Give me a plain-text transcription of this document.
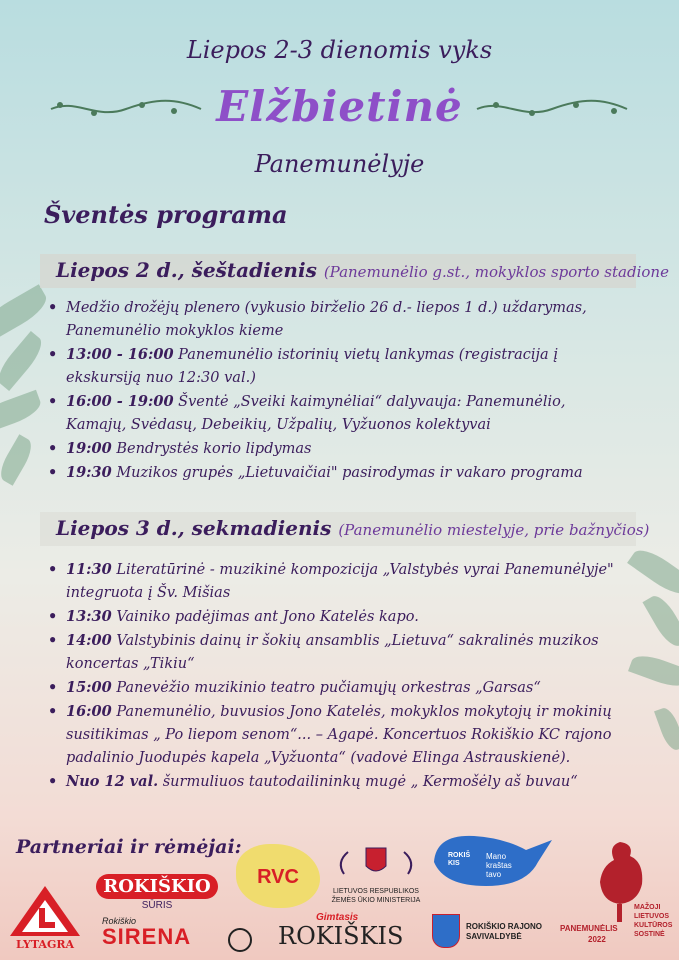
Liepos 2-3 dienomis vyks
Elžbietinė
Panemunėlyje
Šventės programa
Liepos 2 d., šeštadienis (Panemunėlio g.st., mokyklos sporto stadione
• Medžio drožėjų plenero (vykusio birželio 26 d.- liepos 1 d.) uždarymas, Panemunėlio mokyklos kieme
• 13:00 - 16:00 Panemunėlio istorinių vietų lankymas (registracija į ekskursiją nuo 12:30 val.)
• 16:00 - 19:00 Šventė „Sveiki kaimynėliai“ dalyvauja: Panemunėlio, Kamajų, Svėdasų, Debeikių, Užpalių, Vyžuonos kolektyvai
• 19:00 Bendrystės korio lipdymas
• 19:30 Muzikos grupės „Lietuvaičiai" pasirodymas ir vakaro programa
Liepos 3 d., sekmadienis (Panemunėlio miestelyje, prie bažnyčios)
• 11:30 Literatūrinė - muzikinė kompozicija „Valstybės vyrai Panemunėlyje" integruota į Šv. Mišias
• 13:30 Vainiko padėjimas ant Jono Katelės kapo.
• 14:00 Valstybinis dainų ir šokių ansamblis „Lietuva“ sakralinės muzikos koncertas „Tikiu“
• 15:00 Panevėžio muzikinio teatro pučiamųjų orkestras „Garsas“
• 16:00 Panemunėlio, buvusios Jono Katelės, mokyklos mokytojų ir mokinių susitikimas „ Po liepom senom“... – Agapė. Koncertuos Rokiškio KC rajono padalinio Juodupės kapela „Vyžuonta“ (vadovė Elinga Astrauskienė).
• Nuo 12 val. šurmuliuos tautodailininkų mugė „ Kermošėly aš buvau“
Partneriai ir rėmėjai:
LYTAGRA
ROKIŠKIO
SŪRIS
Rokiškio
SIRENA
RVC
LIETUVOS RESPUBLIKOS
ŽEMĖS ŪKIO MINISTERIJA
Gimtasis
ROKIŠKIS
ROKIŠKIS
Mano
kraštas
tavo
ROKIŠKIO RAJONO
SAVIVALDYBĖ
PANEMUNĖLIS
2022
MAŽOJI
LIETUVOS
KULTŪROS
SOSTINĖ
